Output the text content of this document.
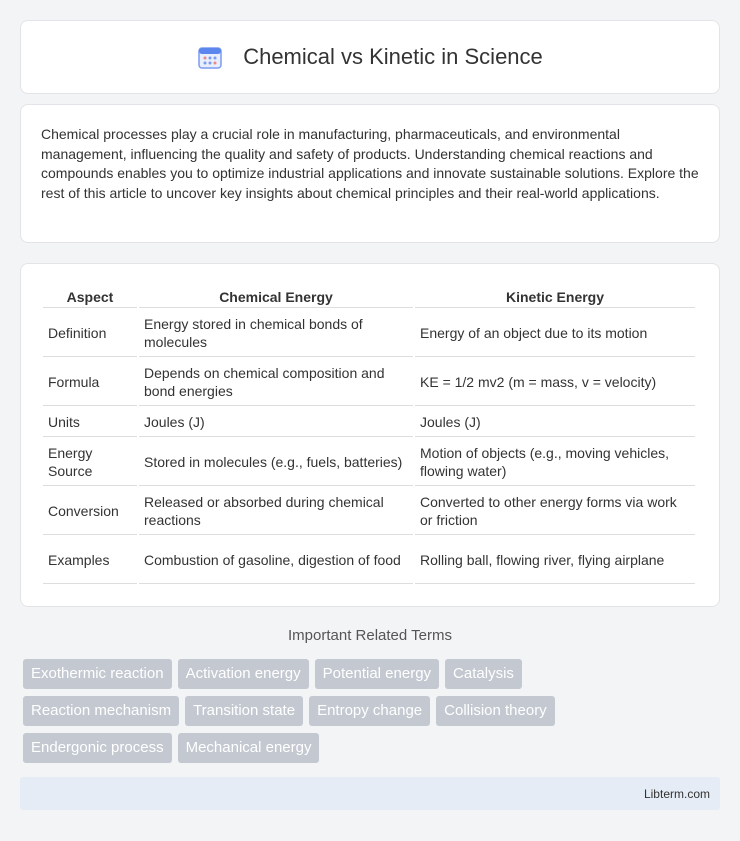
Chemical vs Kinetic in Science

Chemical processes play a crucial role in manufacturing, pharmaceuticals, and environmental management, influencing the quality and safety of products. Understanding chemical reactions and compounds enables you to optimize industrial applications and innovate sustainable solutions. Explore the rest of this article to uncover key insights about chemical principles and their real-world applications.

Aspect	Chemical Energy	Kinetic Energy
Definition	Energy stored in chemical bonds of molecules	Energy of an object due to its motion
Formula	Depends on chemical composition and bond energies	KE = 1/2 mv2 (m = mass, v = velocity)
Units	Joules (J)	Joules (J)
Energy Source	Stored in molecules (e.g., fuels, batteries)	Motion of objects (e.g., moving vehicles, flowing water)
Conversion	Released or absorbed during chemical reactions	Converted to other energy forms via work or friction
Examples	Combustion of gasoline, digestion of food	Rolling ball, flowing river, flying airplane
Important Related Terms
Exothermic reaction	Activation energy	Potential energy	Catalysis
Reaction mechanism	Transition state	Entropy change	Collision theory
Endergonic process	Mechanical energy
Libterm.com
